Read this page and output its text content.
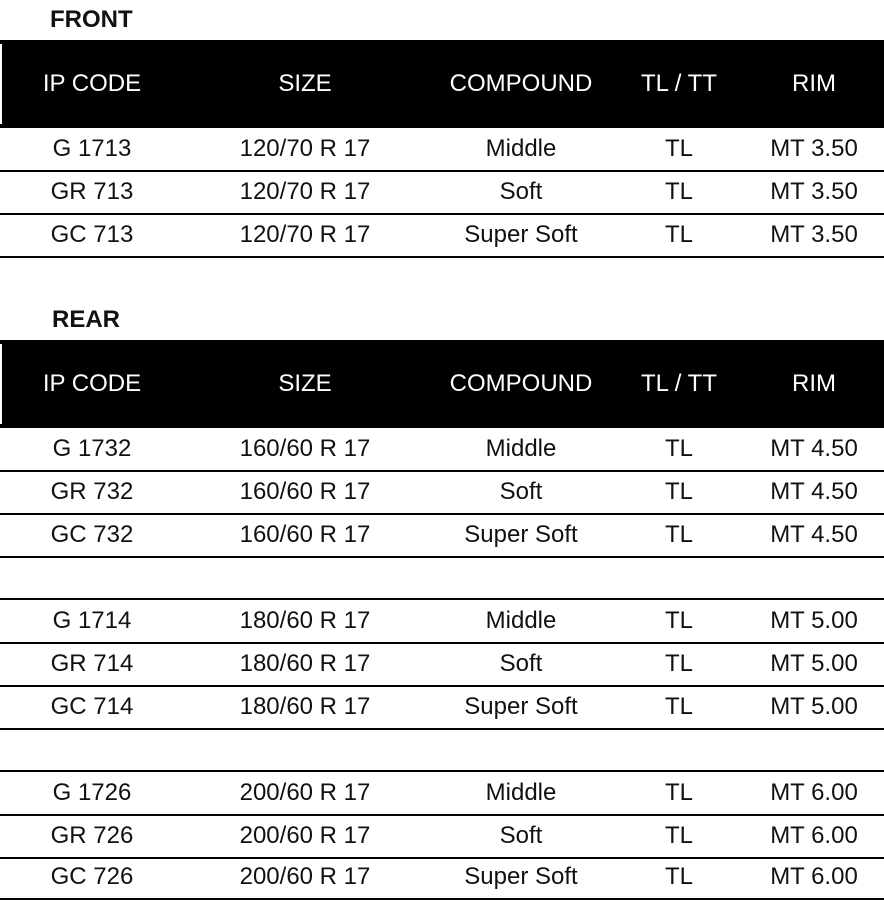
FRONT
IP CODE	SIZE	COMPOUND	TL / TT	RIM
G 1713	120/70 R 17	Middle	TL	MT 3.50
GR 713	120/70 R 17	Soft	TL	MT 3.50
GC 713	120/70 R 17	Super Soft	TL	MT 3.50
REAR
IP CODE	SIZE	COMPOUND	TL / TT	RIM
G 1732	160/60 R 17	Middle	TL	MT 4.50
GR 732	160/60 R 17	Soft	TL	MT 4.50
GC 732	160/60 R 17	Super Soft	TL	MT 4.50
G 1714	180/60 R 17	Middle	TL	MT 5.00
GR 714	180/60 R 17	Soft	TL	MT 5.00
GC 714	180/60 R 17	Super Soft	TL	MT 5.00
G 1726	200/60 R 17	Middle	TL	MT 6.00
GR 726	200/60 R 17	Soft	TL	MT 6.00
GC 726	200/60 R 17	Super Soft	TL	MT 6.00
